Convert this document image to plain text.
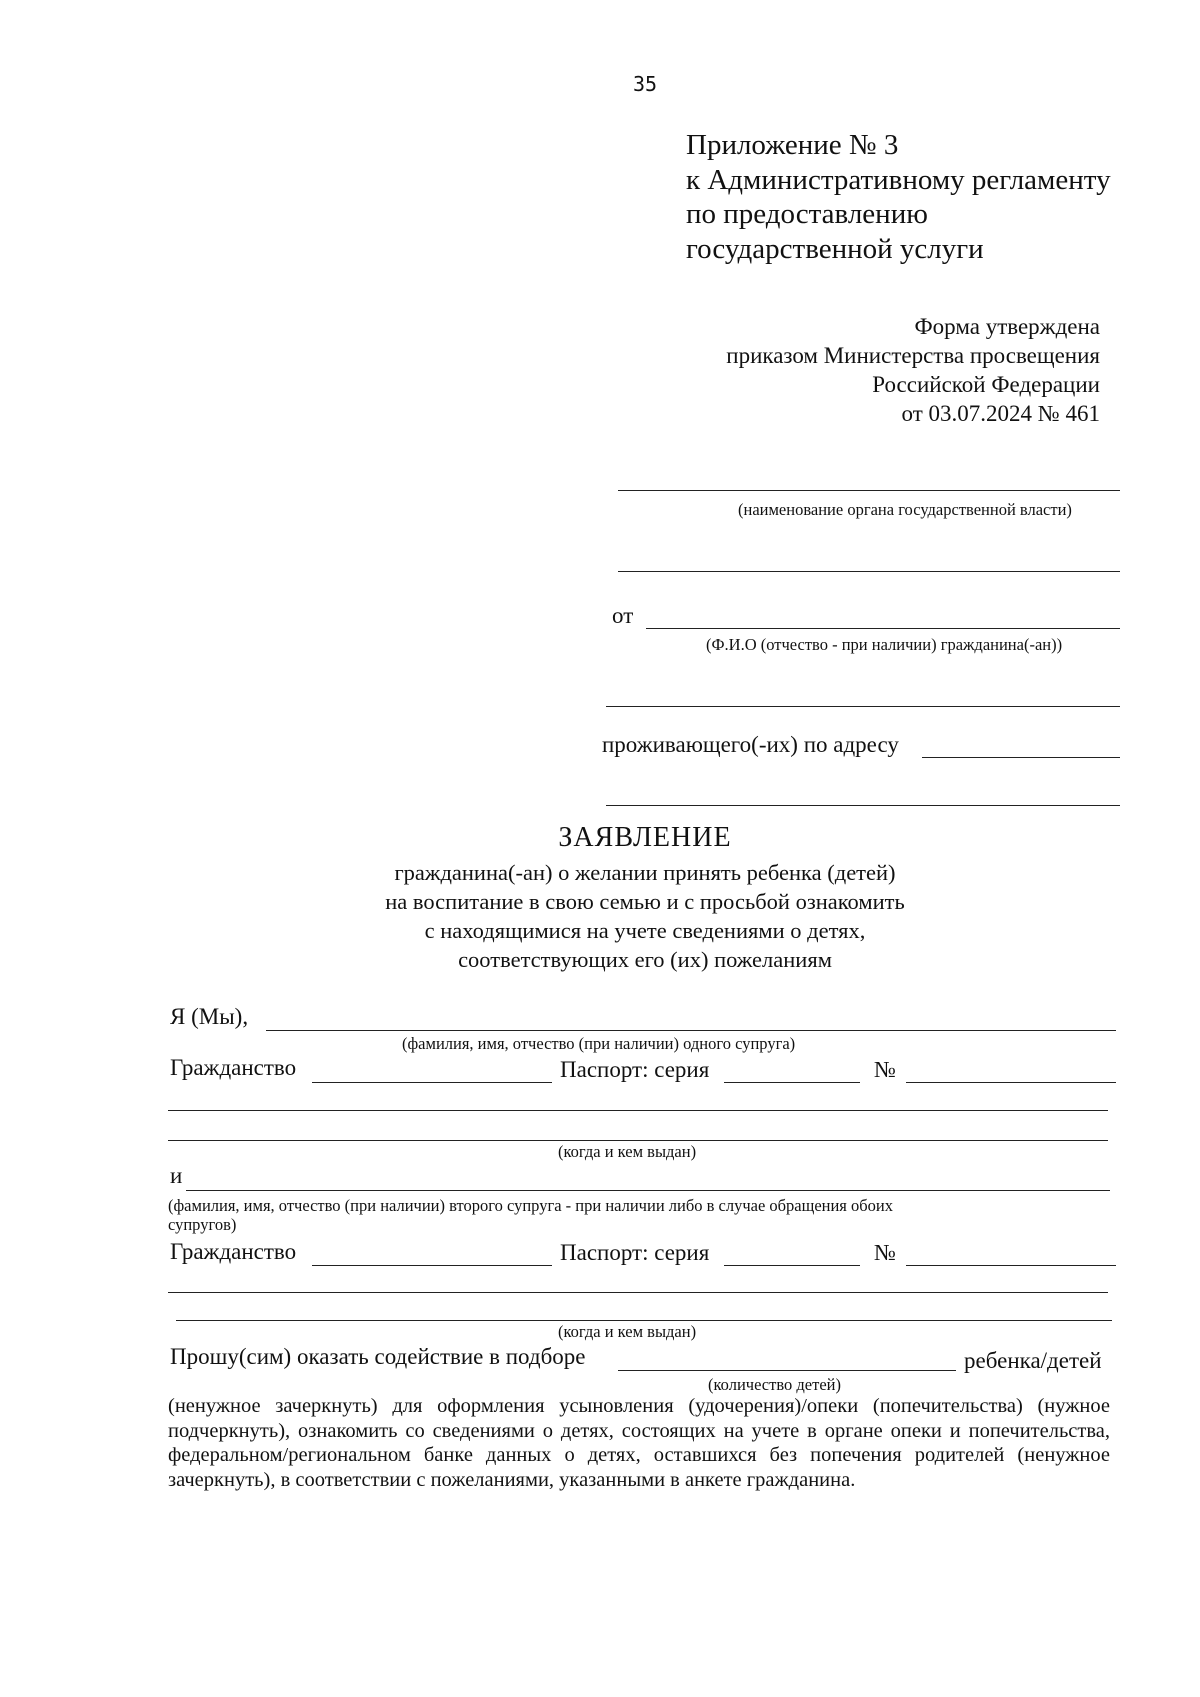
35
Приложение № 3
к Административному регламенту
по предоставлению
государственной услуги
Форма утверждена
приказом Министерства просвещения
Российской Федерации
от 03.07.2024 № 461
(наименование органа государственной власти)
от
(Ф.И.О (отчество - при наличии) гражданина(-ан))
проживающего(-их) по адресу
ЗАЯВЛЕНИЕ
гражданина(-ан) о желании принять ребенка (детей)
на воспитание в свою семью и с просьбой ознакомить
с находящимися на учете сведениями о детях,
соответствующих его (их) пожеланиям
Я (Мы),
(фамилия, имя, отчество (при наличии) одного супруга)
Гражданство	Паспорт: серия	№
(когда и кем выдан)
и
(фамилия, имя, отчество (при наличии) второго супруга - при наличии либо в случае обращения обоих
супругов)
Гражданство	Паспорт: серия	№
(когда и кем выдан)
Прошу(сим) оказать содействие в подборе	ребенка/детей
(количество детей)

(ненужное зачеркнуть) для оформления усыновления (удочерения)/опеки (попечительства) (нужное подчеркнуть), ознакомить со сведениями о детях, состоящих на учете в органе опеки и попечительства, федеральном/региональном банке данных о детях, оставшихся без попечения родителей (ненужное зачеркнуть), в соответствии с пожеланиями, указанными в анкете гражданина.
